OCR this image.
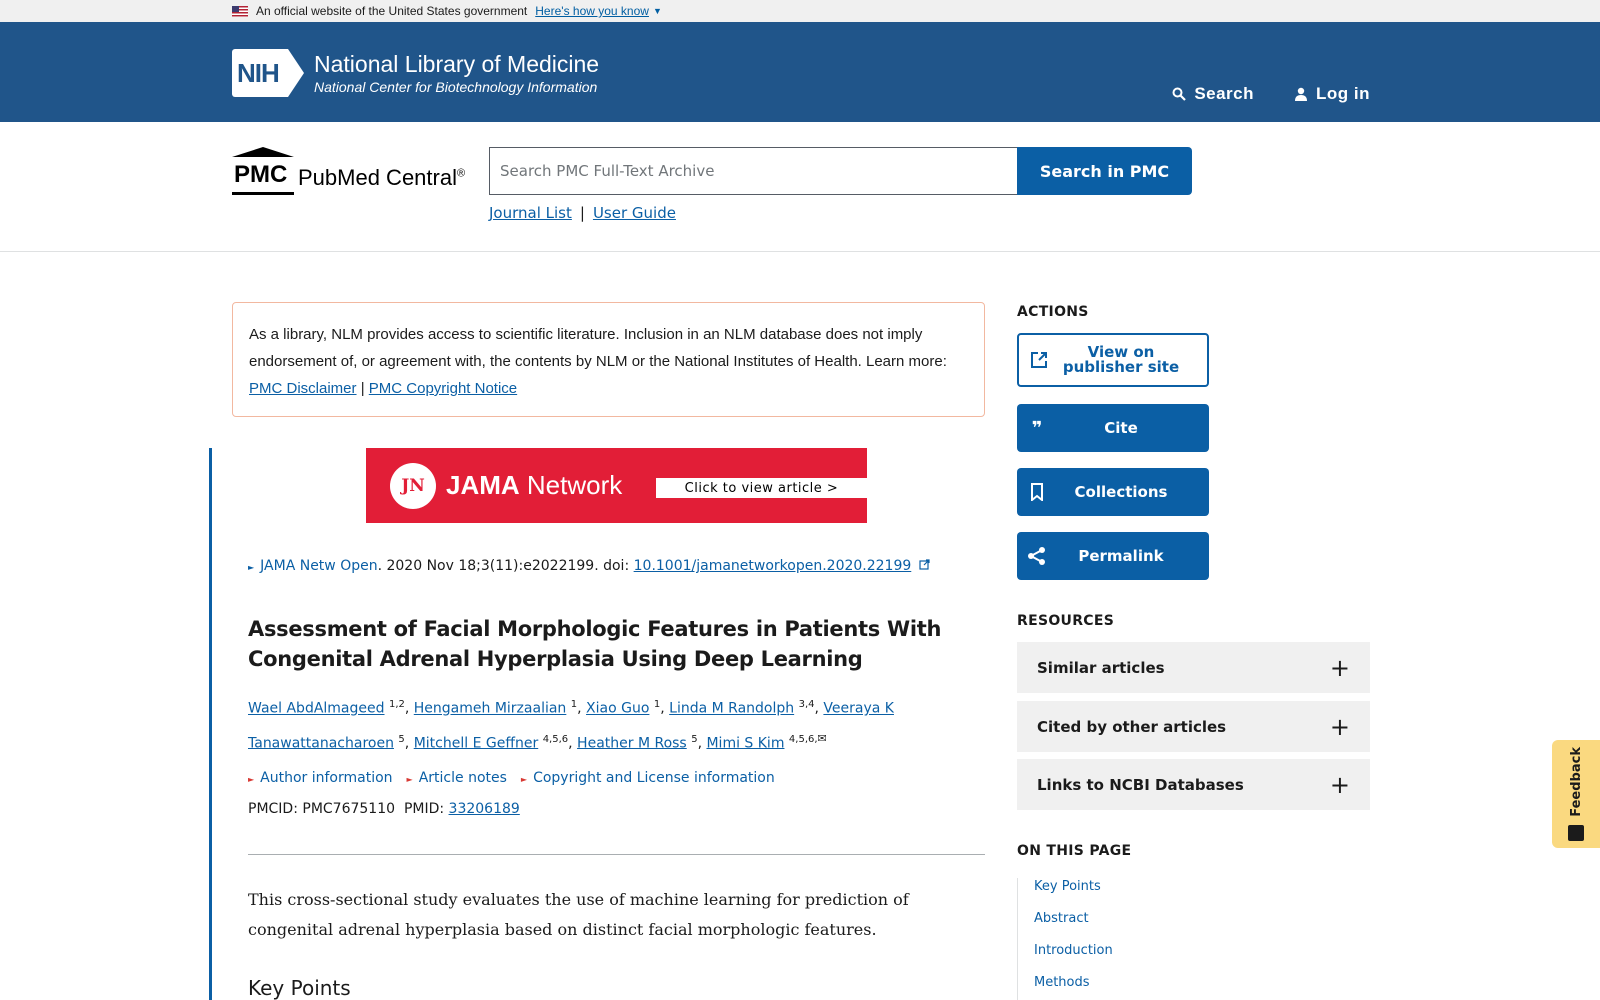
An official website of the United States government Here's how you know ▼
NIH National Library of Medicine
National Center for Biotechnology Information	Search	Log in
PMC PubMed Central®
Search PMC Full-Text Archive	Search in PMC
Journal List | User Guide
As a library, NLM provides access to scientific literature. Inclusion in an NLM database does not imply endorsement of, or agreement with, the contents by NLM or the National Institutes of Health. Learn more: PMC Disclaimer | PMC Copyright Notice
JN JAMA Network	Click to view article >
► JAMA Netw Open. 2020 Nov 18;3(11):e2022199. doi: 10.1001/jamanetworkopen.2020.22199
Assessment of Facial Morphologic Features in Patients With Congenital Adrenal Hyperplasia Using Deep Learning
Wael AbdAlmageed $^{1,2}$, Hengameh Mirzaalian $^1$, Xiao Guo $^1$, Linda M Randolph $^{3,4}$, Veeraya K Tanawattanacharoen $^5$, Mitchell E Geffner $^{4,5,6}$, Heather M Ross $^5$, Mimi S Kim $^{4,5,6,✉}$
► Author information ► Article notes ► Copyright and License information
PMCID: PMC7675110 PMID: 33206189
This cross-sectional study evaluates the use of machine learning for prediction of congenital adrenal hyperplasia based on distinct facial morphologic features.
Key Points
ACTIONS
View on publisher site
❞	Cite
Collections
Permalink
RESOURCES
Similar articles	+
Cited by other articles	+
Links to NCBI Databases	+
ON THIS PAGE
Key Points
Abstract
Introduction
Methods
Feedback
